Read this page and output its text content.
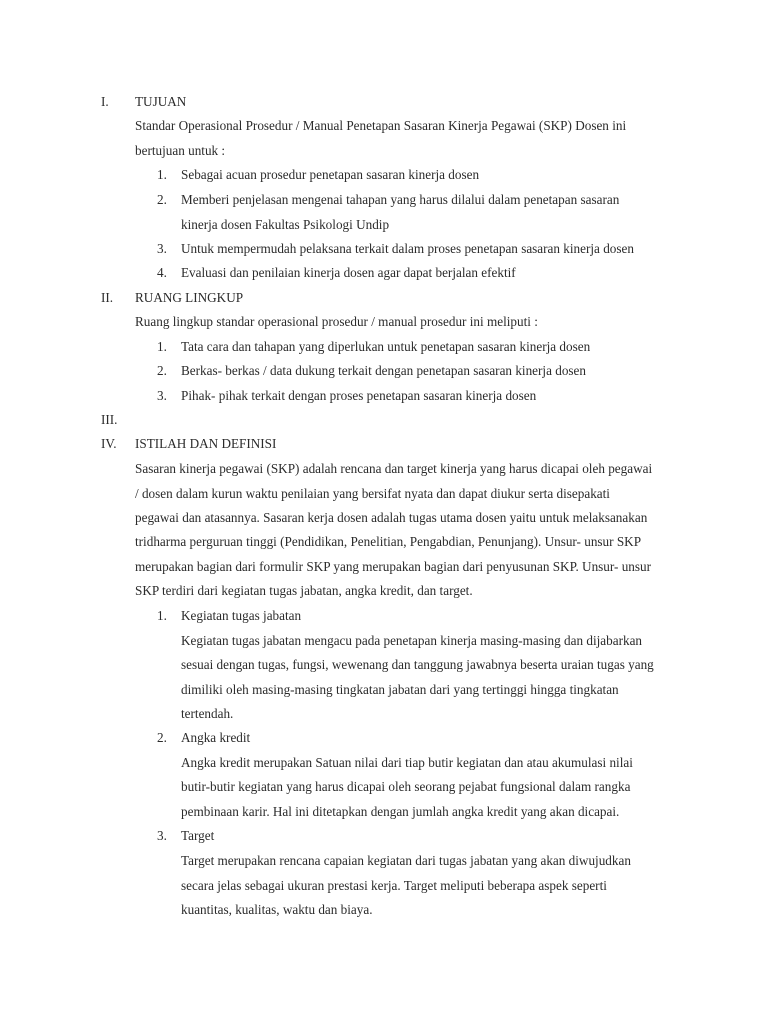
I. TUJUAN
Standar Operasional Prosedur / Manual Penetapan Sasaran Kinerja Pegawai (SKP) Dosen ini
bertujuan untuk :
1. Sebagai acuan prosedur penetapan sasaran kinerja dosen
2. Memberi penjelasan mengenai tahapan yang harus dilalui dalam penetapan sasaran
kinerja dosen Fakultas Psikologi Undip
3. Untuk mempermudah pelaksana terkait dalam proses penetapan sasaran kinerja dosen
4. Evaluasi dan penilaian kinerja dosen agar dapat berjalan efektif
II. RUANG LINGKUP
Ruang lingkup standar operasional prosedur / manual prosedur ini meliputi :
1. Tata cara dan tahapan yang diperlukan untuk penetapan sasaran kinerja dosen
2. Berkas- berkas / data dukung terkait dengan penetapan sasaran kinerja dosen
3. Pihak- pihak terkait dengan proses penetapan sasaran kinerja dosen
III.
IV. ISTILAH DAN DEFINISI
Sasaran kinerja pegawai (SKP) adalah rencana dan target kinerja yang harus dicapai oleh pegawai
/ dosen dalam kurun waktu penilaian yang bersifat nyata dan dapat diukur serta disepakati
pegawai dan atasannya. Sasaran kerja dosen adalah tugas utama dosen yaitu untuk melaksanakan
tridharma perguruan tinggi (Pendidikan, Penelitian, Pengabdian, Penunjang). Unsur- unsur SKP
merupakan bagian dari formulir SKP yang merupakan bagian dari penyusunan SKP. Unsur- unsur
SKP terdiri dari kegiatan tugas jabatan, angka kredit, dan target.
1. Kegiatan tugas jabatan
Kegiatan tugas jabatan mengacu pada penetapan kinerja masing-masing dan dijabarkan
sesuai dengan tugas, fungsi, wewenang dan tanggung jawabnya beserta uraian tugas yang
dimiliki oleh masing-masing tingkatan jabatan dari yang tertinggi hingga tingkatan
tertendah.
2. Angka kredit
Angka kredit merupakan Satuan nilai dari tiap butir kegiatan dan atau akumulasi nilai
butir-butir kegiatan yang harus dicapai oleh seorang pejabat fungsional dalam rangka
pembinaan karir. Hal ini ditetapkan dengan jumlah angka kredit yang akan dicapai.
3. Target
Target merupakan rencana capaian kegiatan dari tugas jabatan yang akan diwujudkan
secara jelas sebagai ukuran prestasi kerja. Target meliputi beberapa aspek seperti
kuantitas, kualitas, waktu dan biaya.
